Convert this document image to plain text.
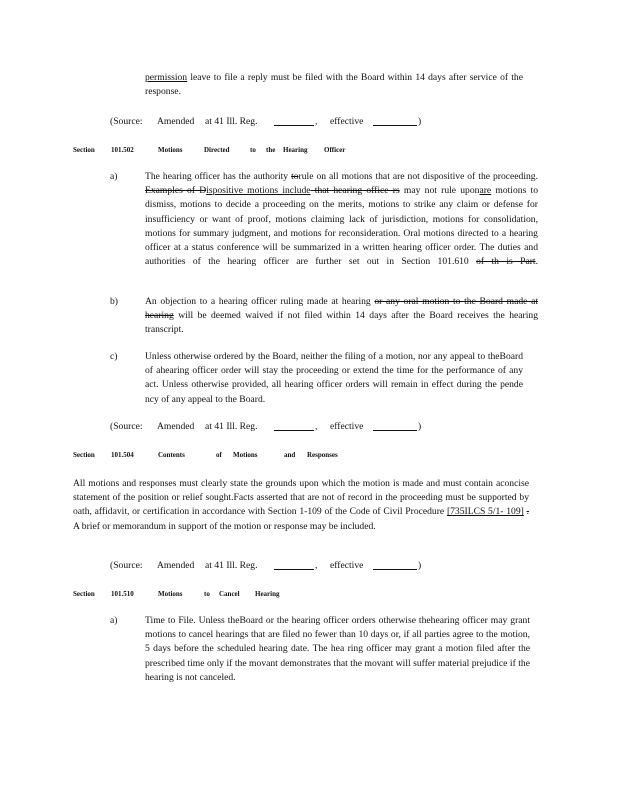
permission leave to file a reply must be filed with the Board within 14 days after service of the response.
(Source: Amended at 41 Ill. Reg.	, effective	)
Section 101.502	Motions	Directed	to the Hearing Officer
a)	The hearing officer has the authority torule on all motions that are not dispositive of the proceeding. Examples of Dispositive motions include that hearing office rs may not rule uponare motions to dismiss, motions to decide a proceeding on the merits, motions to strike any claim or defense for insufficiency or want of proof, motions claiming lack of jurisdiction, motions for consolidation, motions for summary judgment, and motions for reconsideration. Oral motions directed to a hearing officer at a status conference will be summarized in a written hearing officer order. The duties and authorities of the hearing officer are further set out in Section 101.610 of th is Part.
b)	An objection to a hearing officer ruling made at hearing or any oral motion to the Board made at hearing will be deemed waived if not filed within 14 days after the Board receives the hearing transcript.
c)	Unless otherwise ordered by the Board, neither the filing of a motion, nor any appeal to theBoard of ahearing officer order will stay the proceeding or extend the time for the performance of any act. Unless otherwise provided, all hearing officer orders will remain in effect during the pende ncy of any appeal to the Board.
(Source: Amended at 41 Ill. Reg.	, effective	)
Section 101.504	Contents	of Motions	and Responses
All motions and responses must clearly state the grounds upon which the motion is made and must contain aconcise statement of the position or relief sought.Facts asserted that are not of record in the proceeding must be supported by oath, affidavit, or certification in accordance with Section 1-109 of the Code of Civil Procedure [735ILCS 5/1- 109] . A brief or memorandum in support of the motion or response may be included.
(Source: Amended at 41 Ill. Reg.	, effective	)
Section 101.510	Motions	to Cancel Hearing
a)	Time to File. Unless theBoard or the hearing officer orders otherwise thehearing officer may grant motions to cancel hearings that are filed no fewer than 10 days or, if all parties agree to the motion, 5 days before the scheduled hearing date. The hea ring officer may grant a motion filed after the prescribed time only if the movant demonstrates that the movant will suffer material prejudice if the hearing is not canceled.
